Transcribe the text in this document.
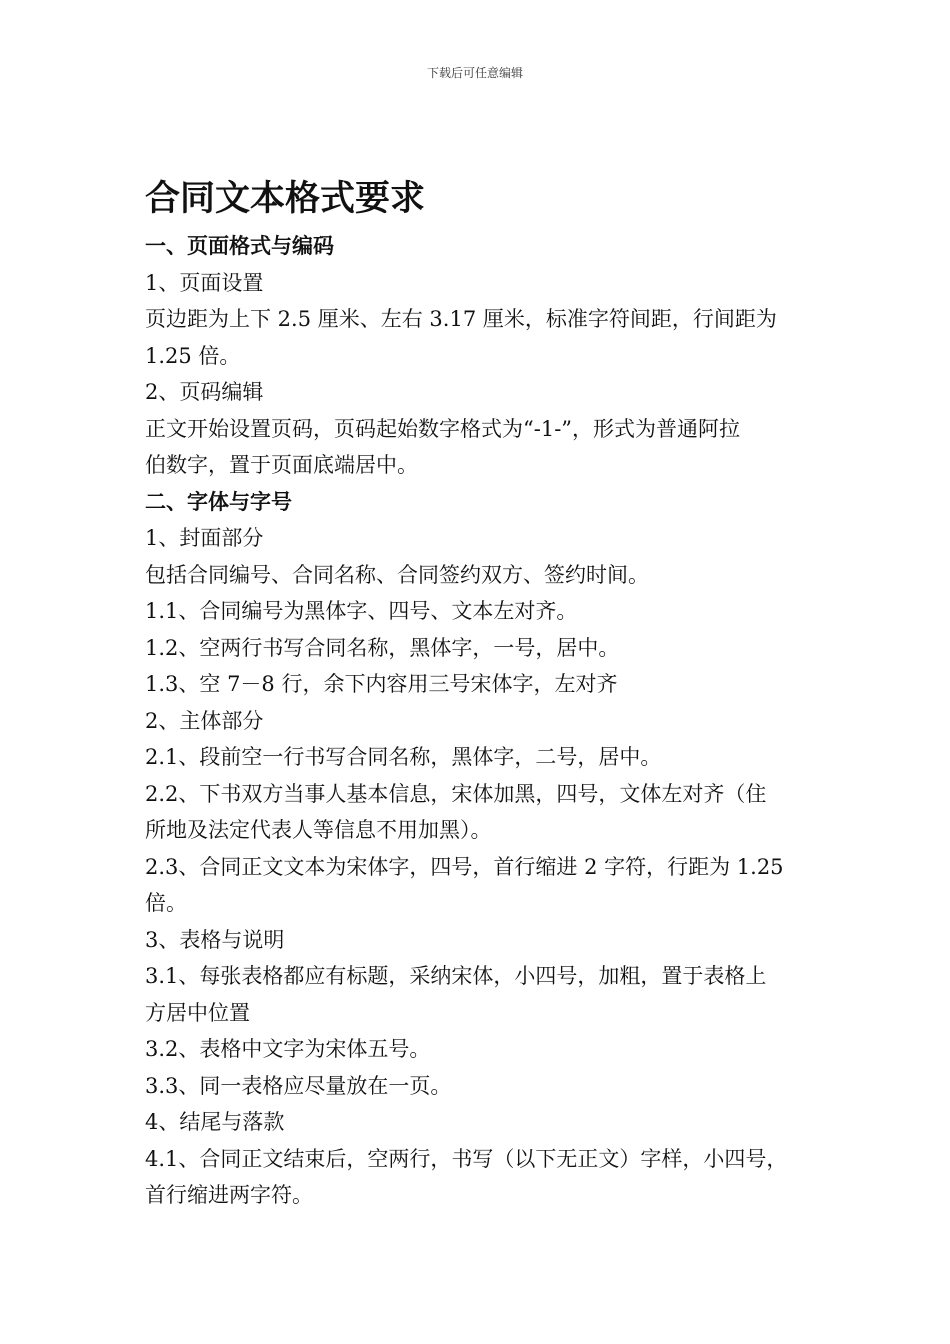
下载后可任意编辑
合同文本格式要求

一、页面格式与编码

1、页面设置

页边距为上下 2.5 厘米、左右 3.17 厘米，标准字符间距，行间距为

1.25 倍。

2、页码编辑

正文开始设置页码，页码起始数字格式为“-1-”，形式为普通阿拉

伯数字，置于页面底端居中。

二、字体与字号

1、封面部分

包括合同编号、合同名称、合同签约双方、签约时间。

1.1、合同编号为黑体字、四号、文本左对齐。

1.2、空两行书写合同名称，黑体字，一号，居中。

1.3、空 7－8 行，余下内容用三号宋体字，左对齐

2、主体部分

2.1、段前空一行书写合同名称，黑体字，二号，居中。

2.2、下书双方当事人基本信息，宋体加黑，四号，文体左对齐（住

所地及法定代表人等信息不用加黑）。

2.3、合同正文文本为宋体字，四号，首行缩进 2 字符，行距为 1.25

倍。

3、表格与说明

3.1、每张表格都应有标题，采纳宋体，小四号，加粗，置于表格上

方居中位置

3.2、表格中文字为宋体五号。

3.3、同一表格应尽量放在一页。

4、结尾与落款

4.1、合同正文结束后，空两行，书写（以下无正文）字样，小四号，

首行缩进两字符。
